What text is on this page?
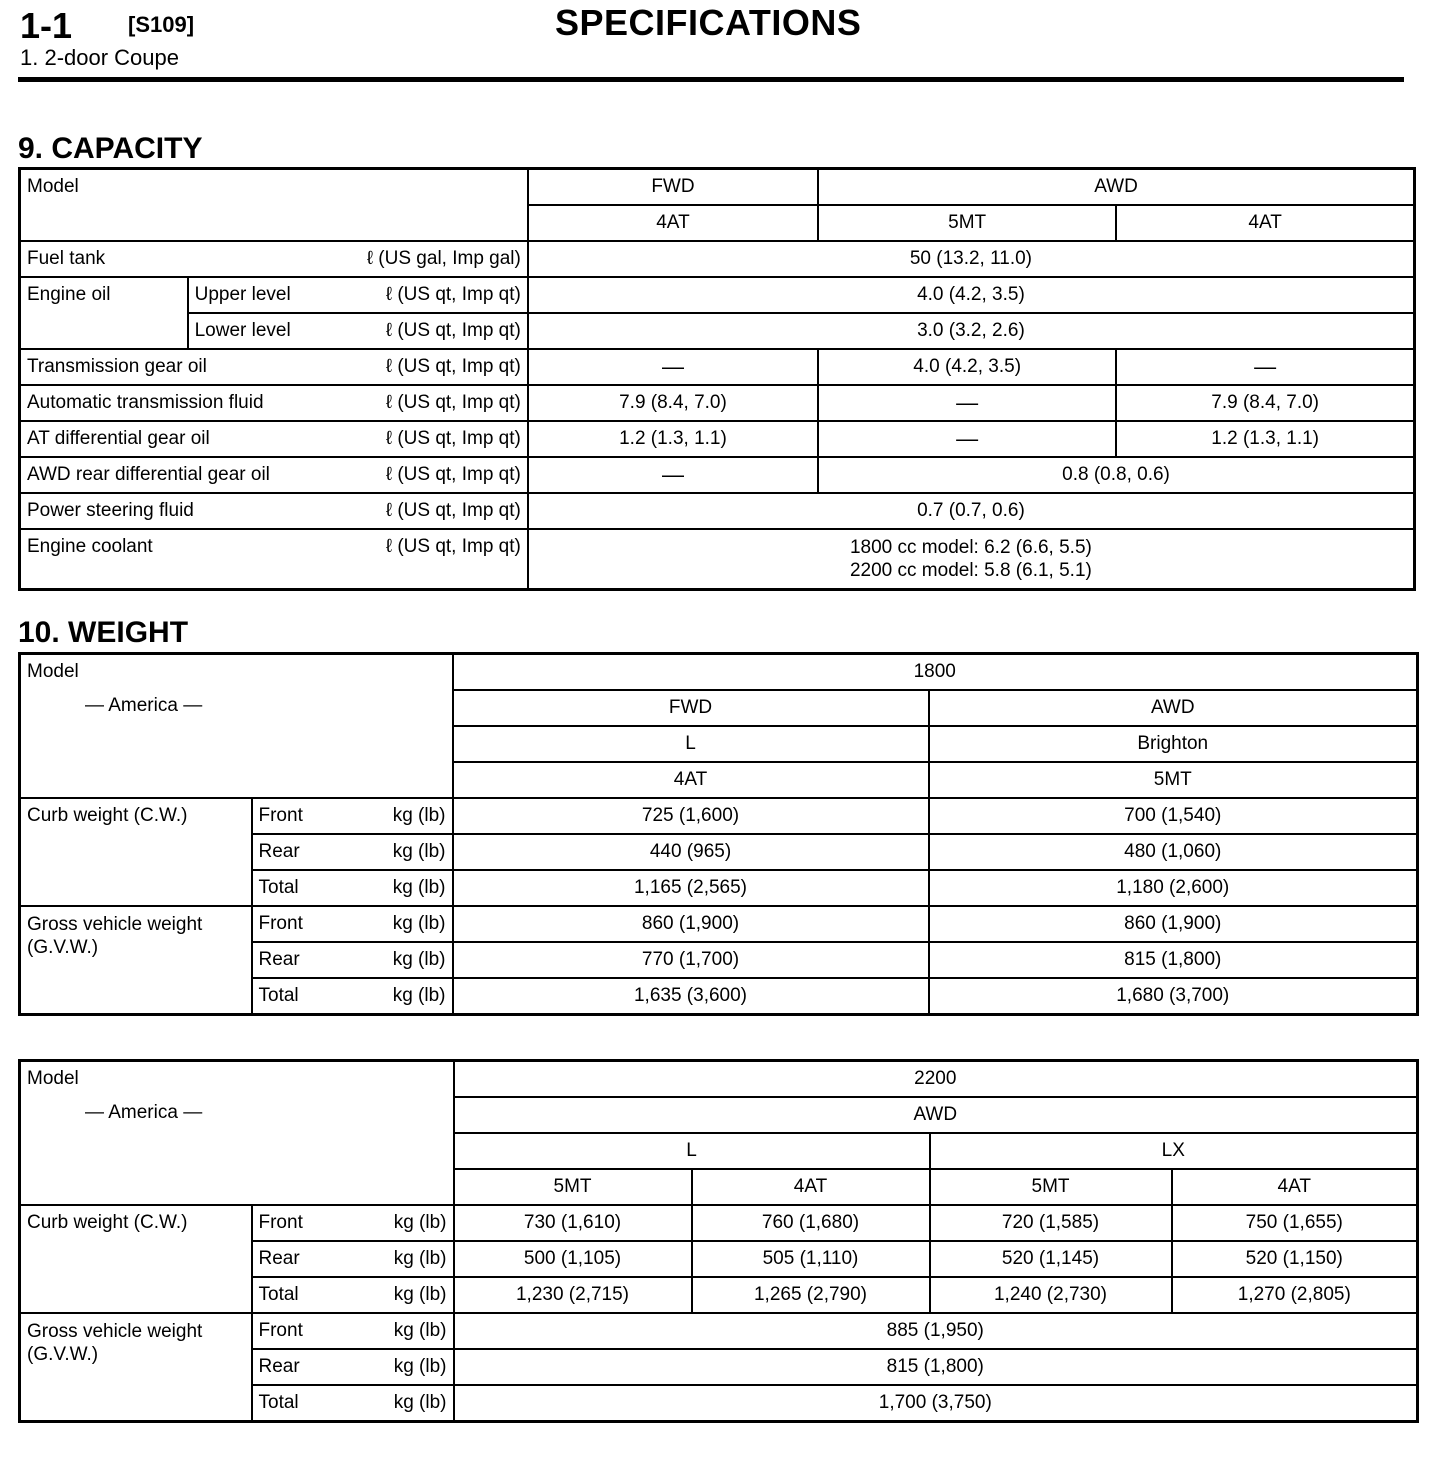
1-1	[S109]
1. 2-door Coupe
SPECIFICATIONS
9. CAPACITY
Model			FWD	AWD	
			4AT	5MT	4AT
Fuel tank		ℓ (US gal, Imp gal)	50 (13.2, 11.0)		
Engine oil	Upper level	ℓ (US qt, Imp qt)	4.0 (4.2, 3.5)		
	Lower level	ℓ (US qt, Imp qt)	3.0 (3.2, 2.6)		
Transmission gear oil		ℓ (US qt, Imp qt)	—	4.0 (4.2, 3.5)	—
Automatic transmission fluid		ℓ (US qt, Imp qt)	7.9 (8.4, 7.0)	—	7.9 (8.4, 7.0)
AT differential gear oil		ℓ (US qt, Imp qt)	1.2 (1.3, 1.1)	—	1.2 (1.3, 1.1)
AWD rear differential gear oil		ℓ (US qt, Imp qt)	—	0.8 (0.8, 0.6)	
Power steering fluid		ℓ (US qt, Imp qt)	0.7 (0.7, 0.6)		
Engine coolant		ℓ (US qt, Imp qt)	1800 cc model: 6.2 (6.6, 5.5)
2200 cc model: 5.8 (6.1, 5.1)		
10. WEIGHT
Model
— America —			1800	
			FWD	AWD
			L	Brighton
			4AT	5MT
Curb weight (C.W.)	Front	kg (lb)	725 (1,600)	700 (1,540)
	Rear	kg (lb)	440 (965)	480 (1,060)
	Total	kg (lb)	1,165 (2,565)	1,180 (2,600)

Gross vehicle weight
(G.V.W.)	Front	kg (lb)	860 (1,900)	860 (1,900)
	Rear	kg (lb)	770 (1,700)	815 (1,800)
	Total	kg (lb)	1,635 (3,600)	1,680 (3,700)
Model
— America —			2200			
			AWD			
			L		LX	
			5MT	4AT	5MT	4AT
Curb weight (C.W.)	Front	kg (lb)	730 (1,610)	760 (1,680)	720 (1,585)	750 (1,655)
	Rear	kg (lb)	500 (1,105)	505 (1,110)	520 (1,145)	520 (1,150)
	Total	kg (lb)	1,230 (2,715)	1,265 (2,790)	1,240 (2,730)	1,270 (2,805)

Gross vehicle weight
(G.V.W.)	Front	kg (lb)	885 (1,950)			
	Rear	kg (lb)	815 (1,800)			
	Total	kg (lb)	1,700 (3,750)			
